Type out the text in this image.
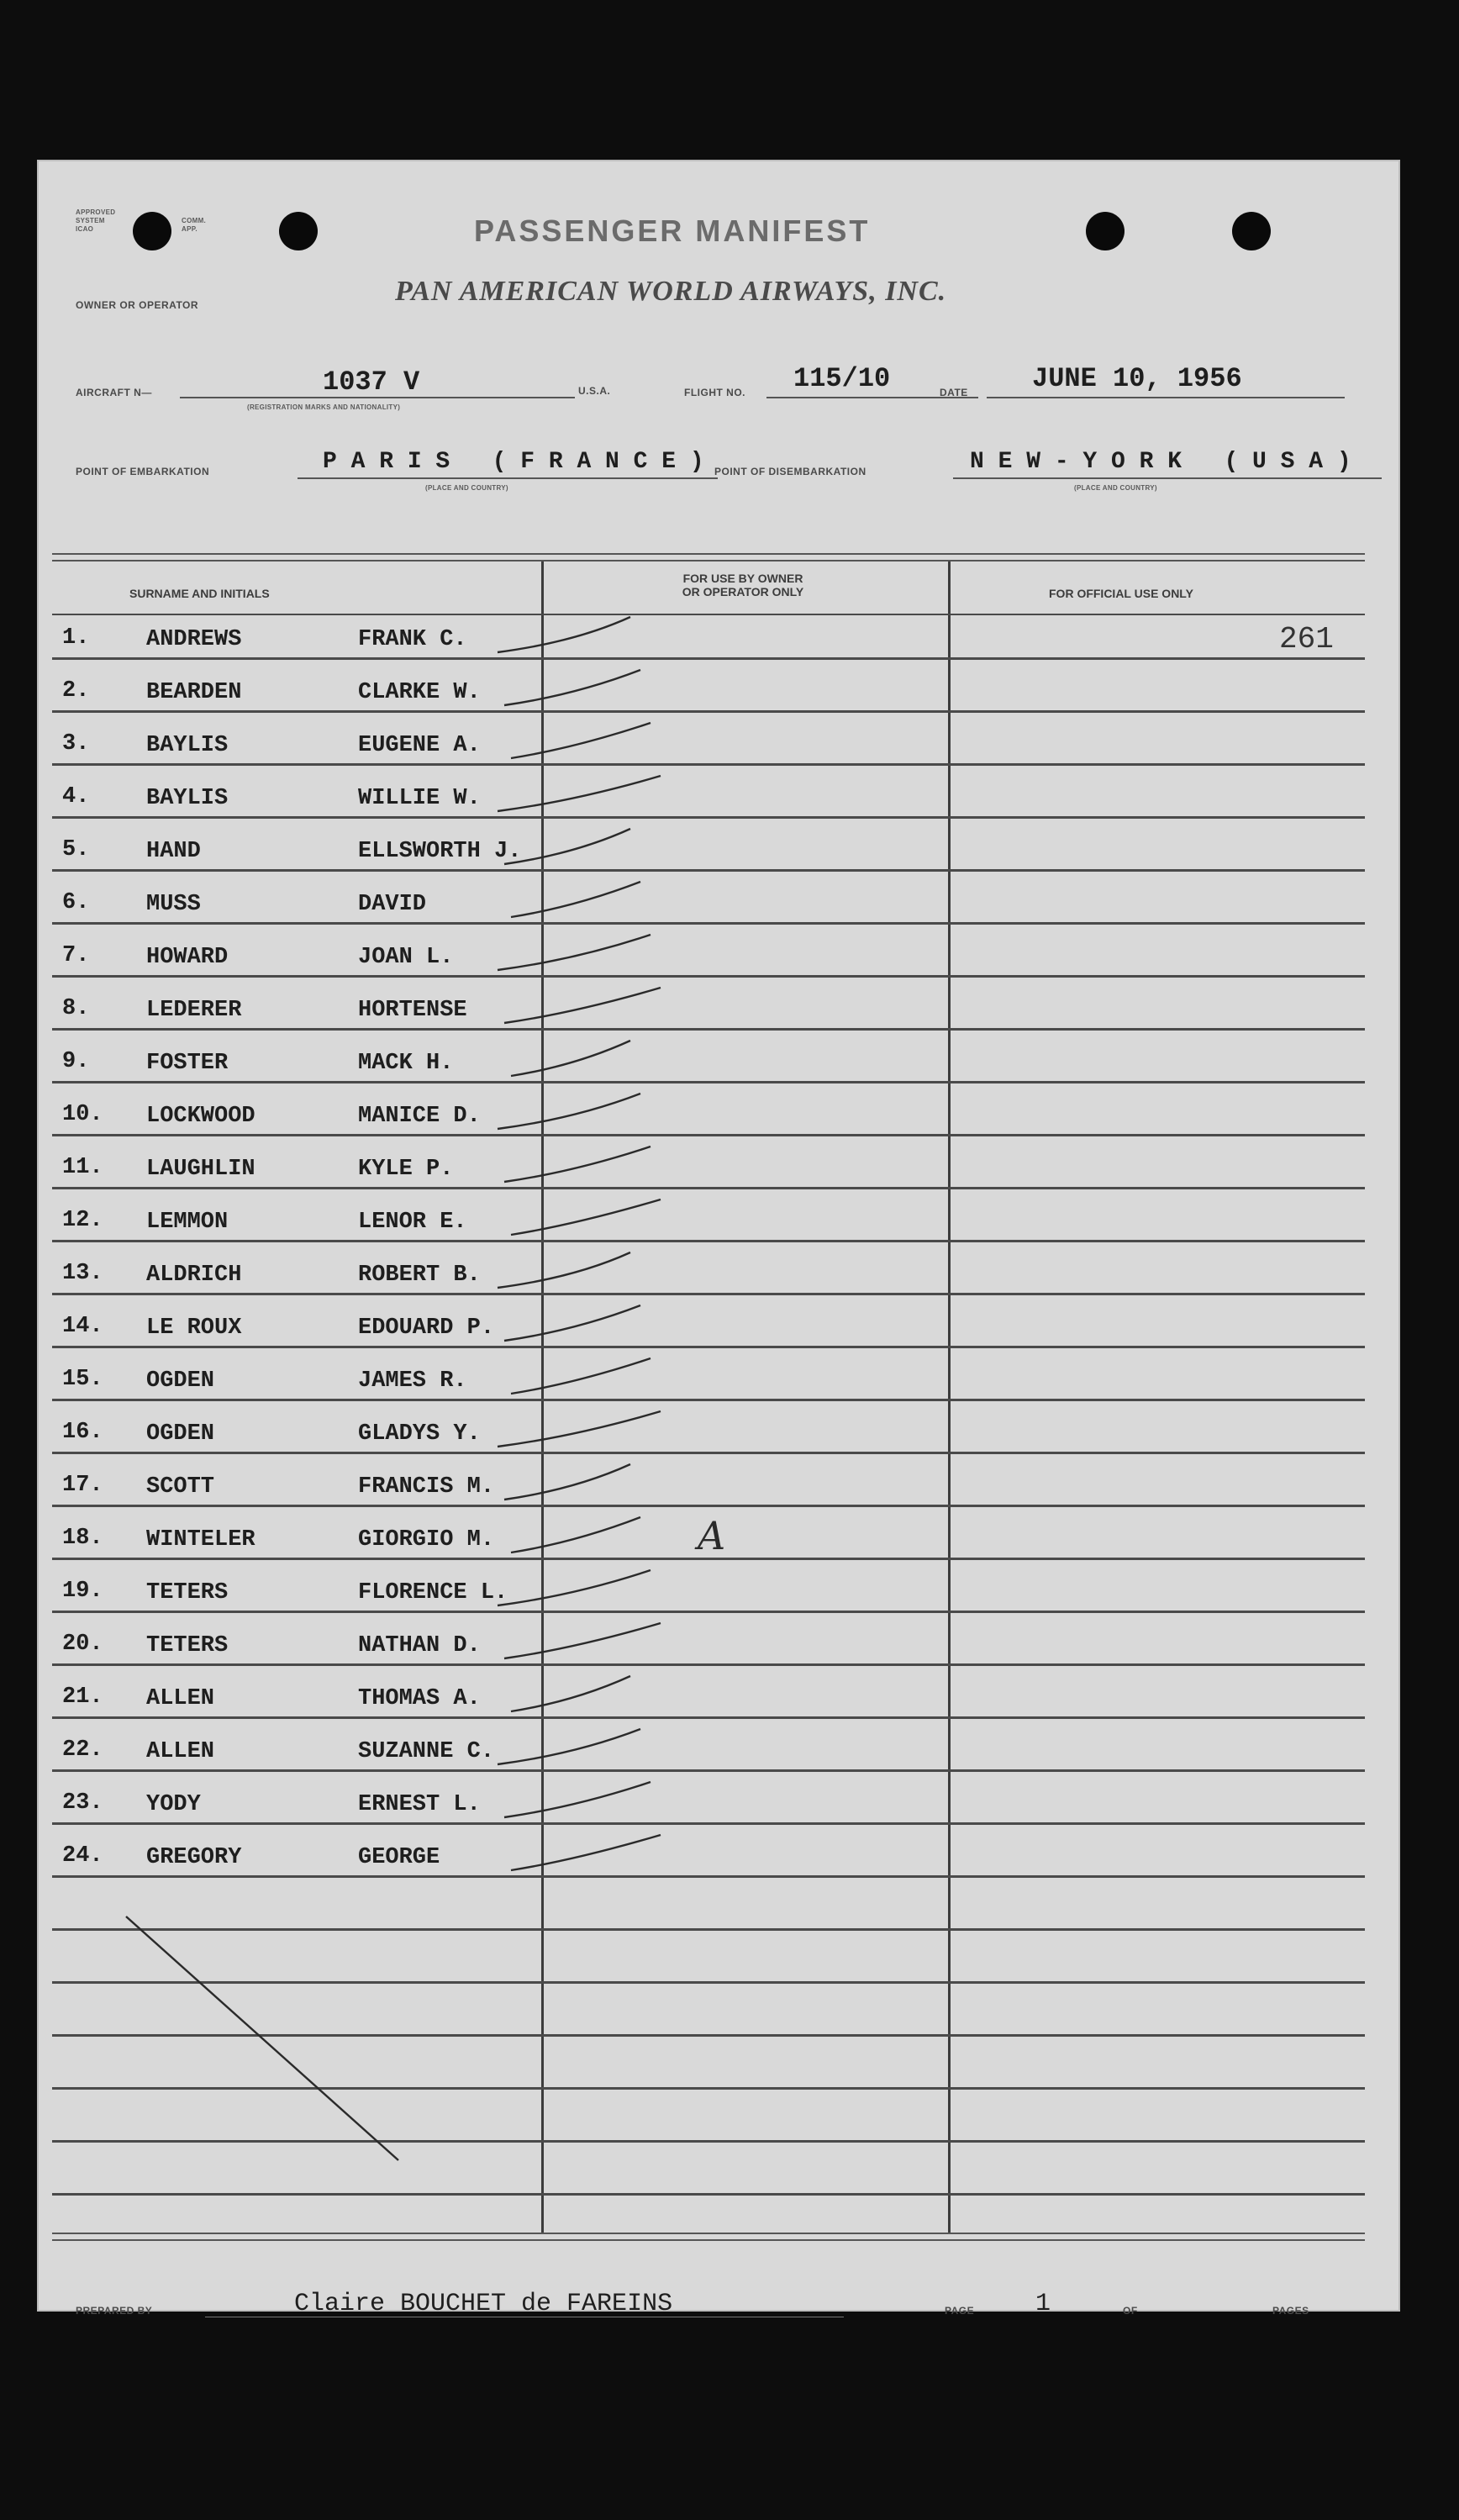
APPROVED
SYSTEM
ICAO
COMM.
APP.	PASSENGER MANIFEST
OWNER OR OPERATOR	PAN AMERICAN WORLD AIRWAYS, INC.
AIRCRAFT N—	1037 V
(REGISTRATION MARKS AND NATIONALITY)
U.S.A.	FLIGHT NO. 115/10	DATE JUNE 10, 1956
POINT OF EMBARKATION	P A R I S   ( F R A N C E )
(PLACE AND COUNTRY)
POINT OF DISEMBARKATION	N E W - Y O R K   ( U S A )
(PLACE AND COUNTRY)
SURNAME AND INITIALS
FOR USE BY OWNER
OR OPERATOR ONLY	FOR OFFICIAL USE ONLY
261
1.	ANDREWS	FRANK C.
2.	BEARDEN	CLARKE W.
3.	BAYLIS	EUGENE A.
4.	BAYLIS	WILLIE W.
5.	HAND	ELLSWORTH J.
6.	MUSS	DAVID
7.	HOWARD	JOAN L.
8.	LEDERER	HORTENSE
9.	FOSTER	MACK H.
10. LOCKWOOD	MANICE D.
11. LAUGHLIN	KYLE P.
12. LEMMON	LENOR E.
13. ALDRICH	ROBERT B.
14. LE ROUX	EDOUARD P.
15. OGDEN	JAMES R.
16. OGDEN	GLADYS Y.
17. SCOTT	FRANCIS M.
18. WINTELER	GIORGIO M.
19. TETERS	FLORENCE L.
20. TETERS	NATHAN D.
21. ALLEN	THOMAS A.
22. ALLEN	SUZANNE C.
23. YODY	ERNEST L.
24. GREGORY	GEORGE
PREPARED BY	Claire BOUCHET de FAREINS	PAGE 1	OF	PAGES
A
